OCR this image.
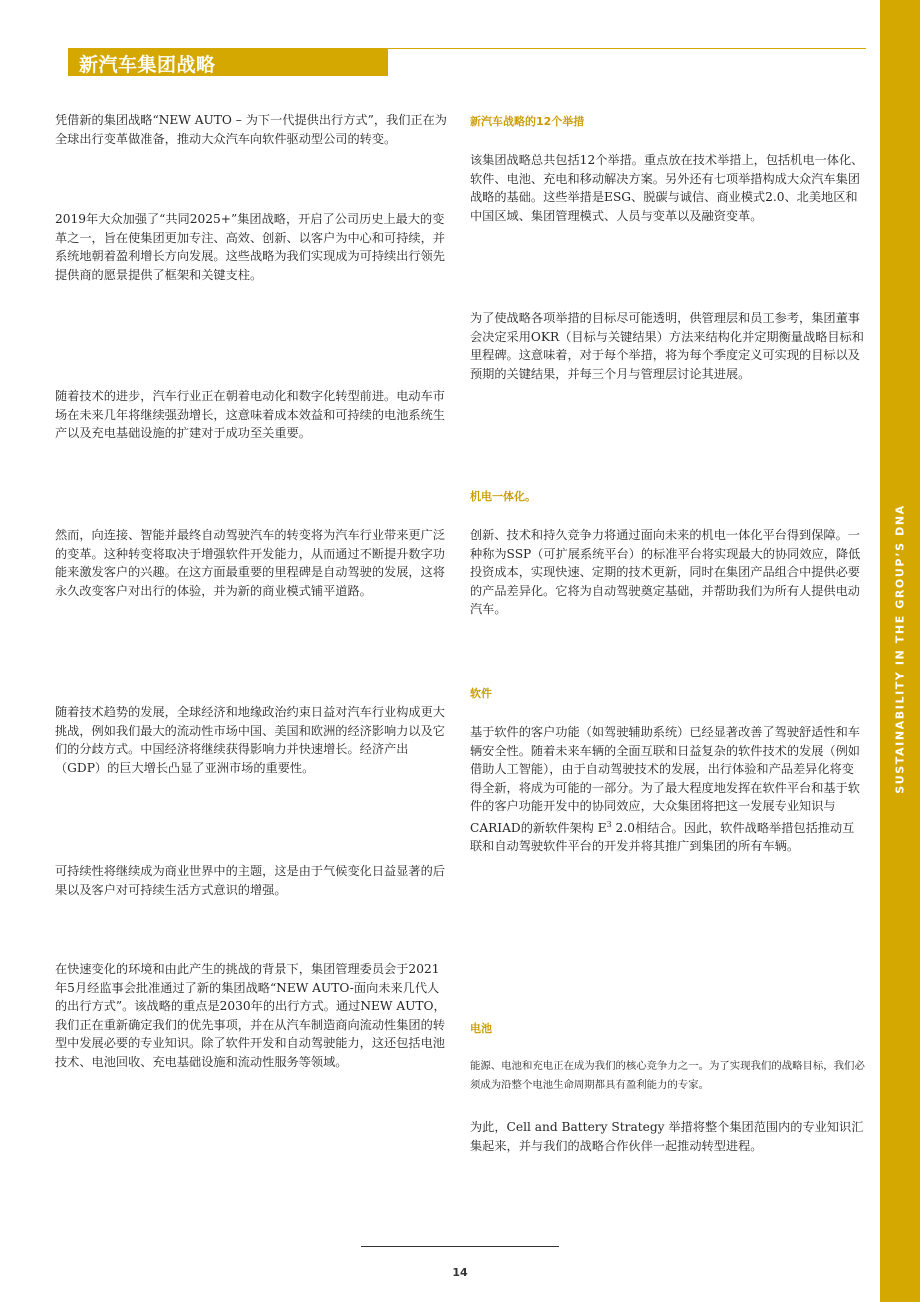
新汽车集团战略
SUSTAINABILITY IN THE GROUP’S DNA

凭借新的集团战略“NEW AUTO – 为下一代提供出行方式”，我们正在为全球出行变革做准备，推动大众汽车向软件驱动型公司的转变。

2019年大众加强了“共同2025+”集团战略，开启了公司历史上最大的变革之一，旨在使集团更加专注、高效、创新、以客户为中心和可持续，并系统地朝着盈利增长方向发展。这些战略为我们实现成为可持续出行领先提供商的愿景提供了框架和关键支柱。

随着技术的进步，汽车行业正在朝着电动化和数字化转型前进。电动车市场在未来几年将继续强劲增长，这意味着成本效益和可持续的电池系统生产以及充电基础设施的扩建对于成功至关重要。

然而，向连接、智能并最终自动驾驶汽车的转变将为汽车行业带来更广泛的变革。这种转变将取决于增强软件开发能力，从而通过不断提升数字功能来激发客户的兴趣。在这方面最重要的里程碑是自动驾驶的发展，这将永久改变客户对出行的体验，并为新的商业模式铺平道路。

随着技术趋势的发展，全球经济和地缘政治约束日益对汽车行业构成更大挑战，例如我们最大的流动性市场中国、美国和欧洲的经济影响力以及它们的分歧方式。中国经济将继续获得影响力并快速增长。经济产出（GDP）的巨大增长凸显了亚洲市场的重要性。

可持续性将继续成为商业世界中的主题，这是由于气候变化日益显著的后果以及客户对可持续生活方式意识的增强。

在快速变化的环境和由此产生的挑战的背景下，集团管理委员会于2021年5月经监事会批准通过了新的集团战略“NEW AUTO-面向未来几代人的出行方式”。该战略的重点是2030年的出行方式。通过NEW AUTO，我们正在重新确定我们的优先事项，并在从汽车制造商向流动性集团的转型中发展必要的专业知识。除了软件开发和自动驾驶能力，这还包括电池技术、电池回收、充电基础设施和流动性服务等领域。

新汽车战略的12个举措

该集团战略总共包括12个举措。重点放在技术举措上，包括机电一体化、软件、电池、充电和移动解决方案。另外还有七项举措构成大众汽车集团战略的基础。这些举措是ESG、脱碳与诚信、商业模式2.0、北美地区和中国区域、集团管理模式、人员与变革以及融资变革。

为了使战略各项举措的目标尽可能透明，供管理层和员工参考，集团董事会决定采用OKR（目标与关键结果）方法来结构化并定期衡量战略目标和里程碑。这意味着，对于每个举措，将为每个季度定义可实现的目标以及预期的关键结果，并每三个月与管理层讨论其进展。

机电一体化。

创新、技术和持久竞争力将通过面向未来的机电一体化平台得到保障。一种称为SSP（可扩展系统平台）的标准平台将实现最大的协同效应，降低投资成本，实现快速、定期的技术更新，同时在集团产品组合中提供必要的产品差异化。它将为自动驾驶奠定基础，并帮助我们为所有人提供电动汽车。

软件

基于软件的客户功能（如驾驶辅助系统）已经显著改善了驾驶舒适性和车辆安全性。随着未来车辆的全面互联和日益复杂的软件技术的发展（例如借助人工智能），由于自动驾驶技术的发展，出行体验和产品差异化将变得全新，将成为可能的一部分。为了最大程度地发挥在软件平台和基于软件的客户功能开发中的协同效应，大众集团将把这一发展专业知识与CARIAD的新软件架构 $E^3$ 2.0相结合。因此，软件战略举措包括推动互联和自动驾驶软件平台的开发并将其推广到集团的所有车辆。

电池

能源、电池和充电正在成为我们的核心竞争力之一。为了实现我们的战略目标，我们必须成为沿整个电池生命周期都具有盈利能力的专家。

为此，Cell and Battery Strategy 举措将整个集团范围内的专业知识汇集起来，并与我们的战略合作伙伴一起推动转型进程。

14
